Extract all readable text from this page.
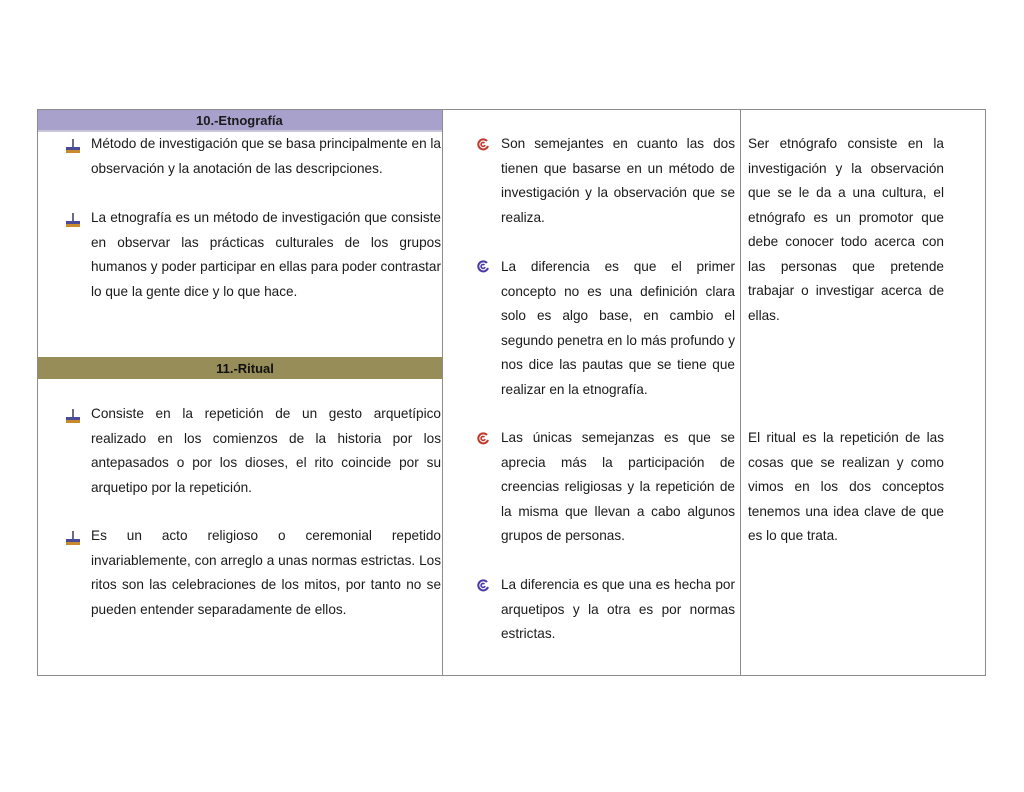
10.-Etnografía
Método de investigación que se basa principalmente en la observación y la anotación de las descripciones.
La etnografía es un método de investigación que consiste en observar las prácticas culturales de los grupos humanos y poder participar en ellas para poder contrastar lo que la gente dice y lo que hace.
11.-Ritual
Consiste en la repetición de un gesto arquetípico realizado en los comienzos de la historia por los antepasados o por los dioses, el rito coincide por su arquetipo por la repetición.
Es un acto religioso o ceremonial repetido invariablemente, con arreglo a unas normas estrictas. Los ritos son las celebraciones de los mitos, por tanto no se pueden entender separadamente de ellos.
Son semejantes en cuanto las dos tienen que basarse en un método de investigación y la observación que se realiza.
La diferencia es que el primer concepto no es una definición clara solo es algo base, en cambio el segundo penetra en lo más profundo y nos dice las pautas que se tiene que realizar en la etnografía.
Las únicas semejanzas es que se aprecia más la participación de creencias religiosas y la repetición de la misma que llevan a cabo algunos grupos de personas.
La diferencia es que una es hecha por arquetipos y la otra es por normas estrictas.
Ser etnógrafo consiste en la investigación y la observación que se le da a una cultura, el etnógrafo es un promotor que debe conocer todo acerca con las personas que pretende trabajar o investigar acerca de ellas.
El ritual es la repetición de las cosas que se realizan y como vimos en los dos conceptos tenemos una idea clave de que es lo que trata.
